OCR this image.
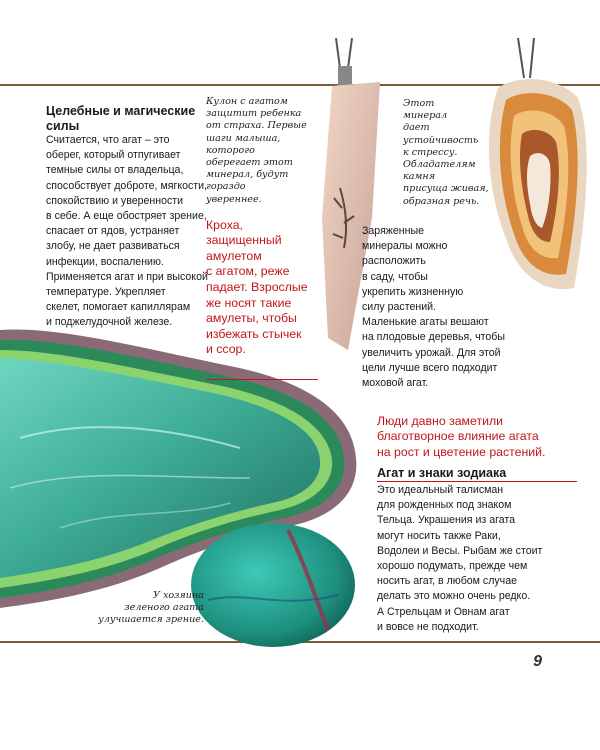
Целебные и магические силы
Считается, что агат – это
оберег, который отпугивает
темные силы от владельца,
способствует доброте, мягкости,
спокойствию и уверенности
в себе. А еще обостряет зрение,
спасает от ядов, устраняет
злобу, не дает развиваться
инфекции, воспалению.
Применяется агат и при высокой
температуре. Укрепляет
скелет, помогает капиллярам
и поджелудочной железе.
Кулон с агатом
защитит ребенка
от страха. Первые
шаги малыша, которого
оберегает этот
минерал, будут гораздо
увереннее.

Кроха,
защищенный
амулетом
с агатом, реже
падает. Взрослые
же носят такие
амулеты, чтобы
избежать стычек
и ссор.

Этот
минерал
дает
устойчивость
к стрессу.
Обладателям
камня
присуща живая,
образная речь.
Заряженные
минералы можно
расположить
в саду, чтобы
укрепить жизненную
силу растений.
Маленькие агаты вешают
на плодовые деревья, чтобы
увеличить урожай. Для этой
цели лучше всего подходит
моховой агат.

Люди давно заметили
благотворное влияние агата
на рост и цветение растений.

Агат и знаки зодиака
Это идеальный талисман
для рожденных под знаком
Тельца. Украшения из агата
могут носить также Раки,
Водолеи и Весы. Рыбам же стоит
хорошо подумать, прежде чем
носить агат, в любом случае
делать это можно очень редко.
А Стрельцам и Овнам агат
и вовсе не подходит.
У хозяина
зеленого агата
улучшается зрение.
9
